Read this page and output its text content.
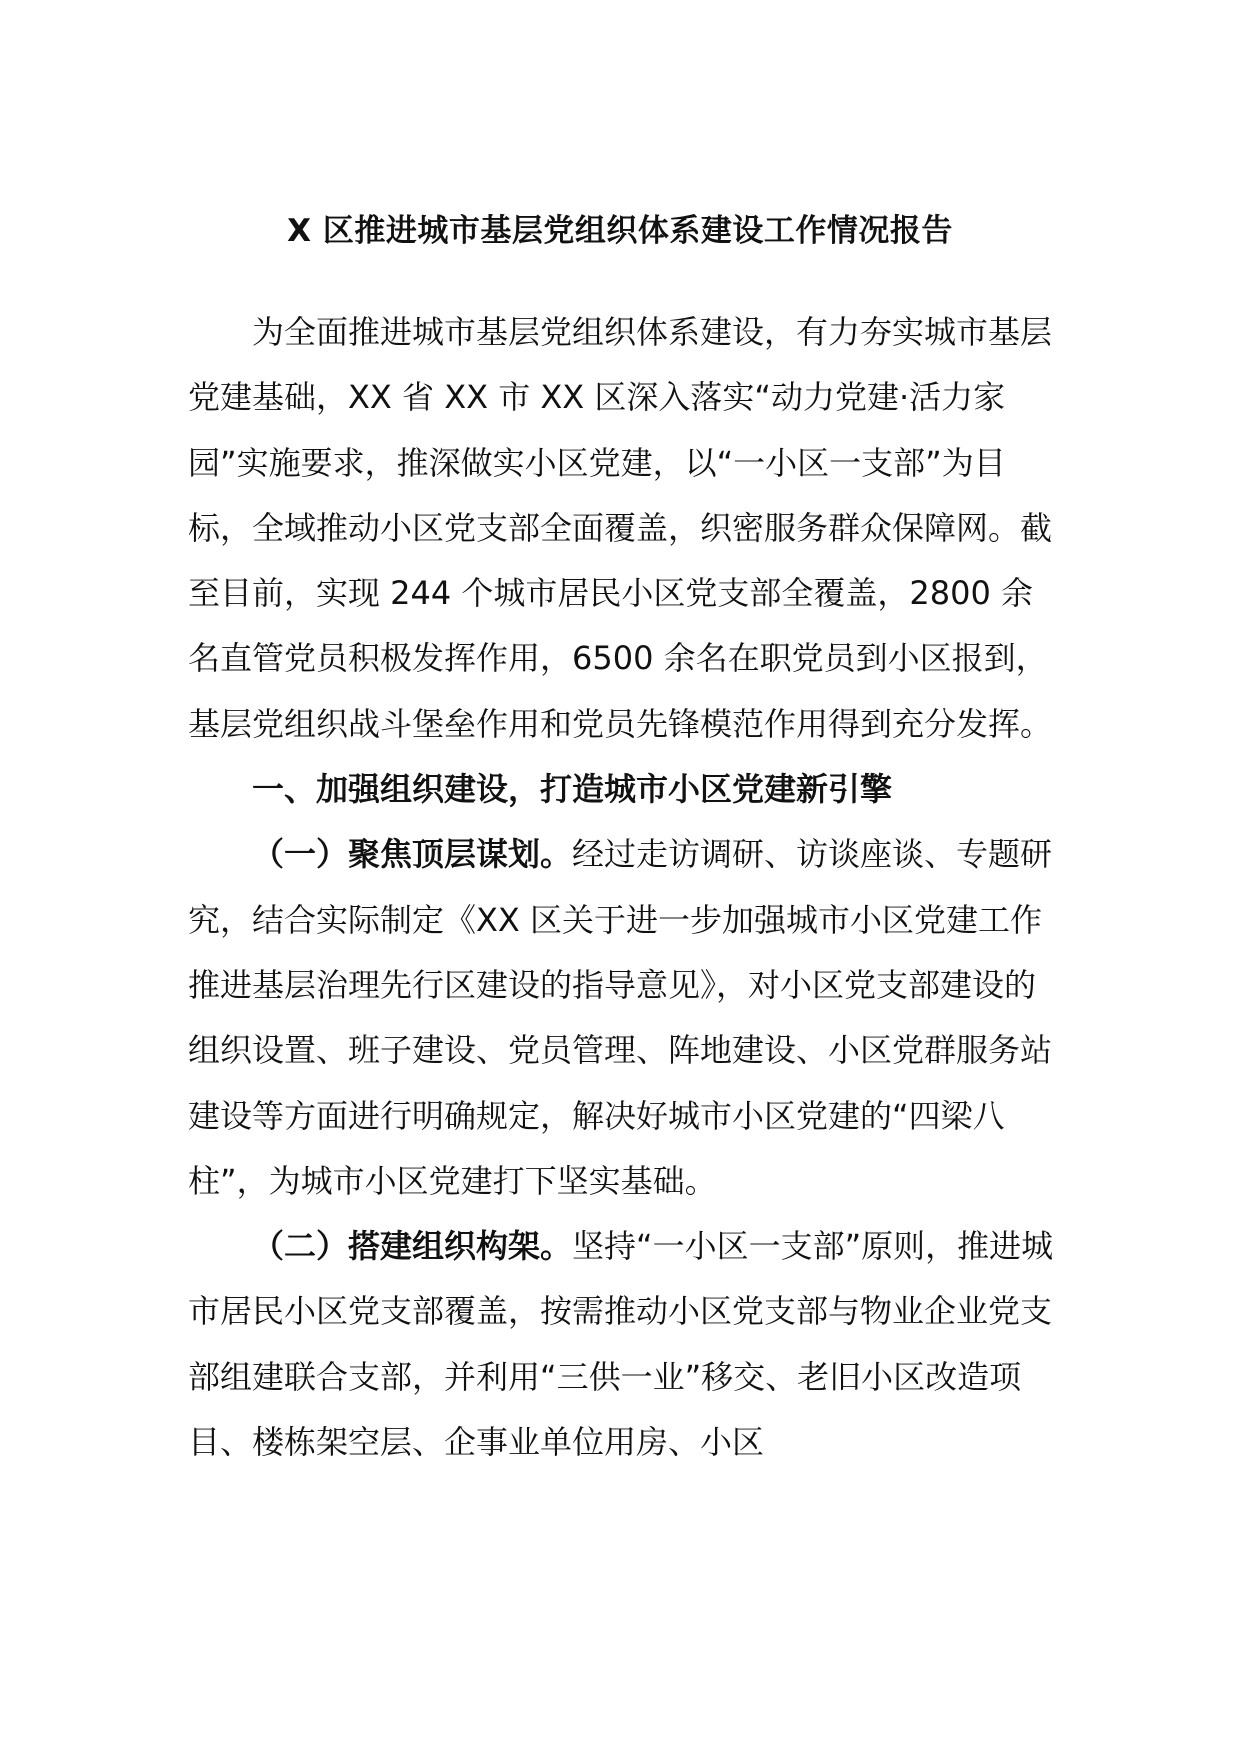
X 区推进城市基层党组织体系建设工作情况报告

为全面推进城市基层党组织体系建设，有力夯实城市基层党建基础，XX 省 XX 市 XX 区深入落实“动力党建·活力家园”实施要求，推深做实小区党建，以“一小区一支部”为目标，全域推动小区党支部全面覆盖，织密服务群众保障网。截至目前，实现 244 个城市居民小区党支部全覆盖，2800 余名直管党员积极发挥作用，6500 余名在职党员到小区报到，基层党组织战斗堡垒作用和党员先锋模范作用得到充分发挥。

一、加强组织建设，打造城市小区党建新引擎

（一）聚焦顶层谋划。经过走访调研、访谈座谈、专题研究，结合实际制定《XX 区关于进一步加强城市小区党建工作推进基层治理先行区建设的指导意见》，对小区党支部建设的组织设置、班子建设、党员管理、阵地建设、小区党群服务站建设等方面进行明确规定，解决好城市小区党建的“四梁八柱”，为城市小区党建打下坚实基础。

（二）搭建组织构架。坚持“一小区一支部”原则，推进城市居民小区党支部覆盖，按需推动小区党支部与物业企业党支部组建联合支部，并利用“三供一业”移交、老旧小区改造项目、楼栋架空层、企事业单位用房、小区
